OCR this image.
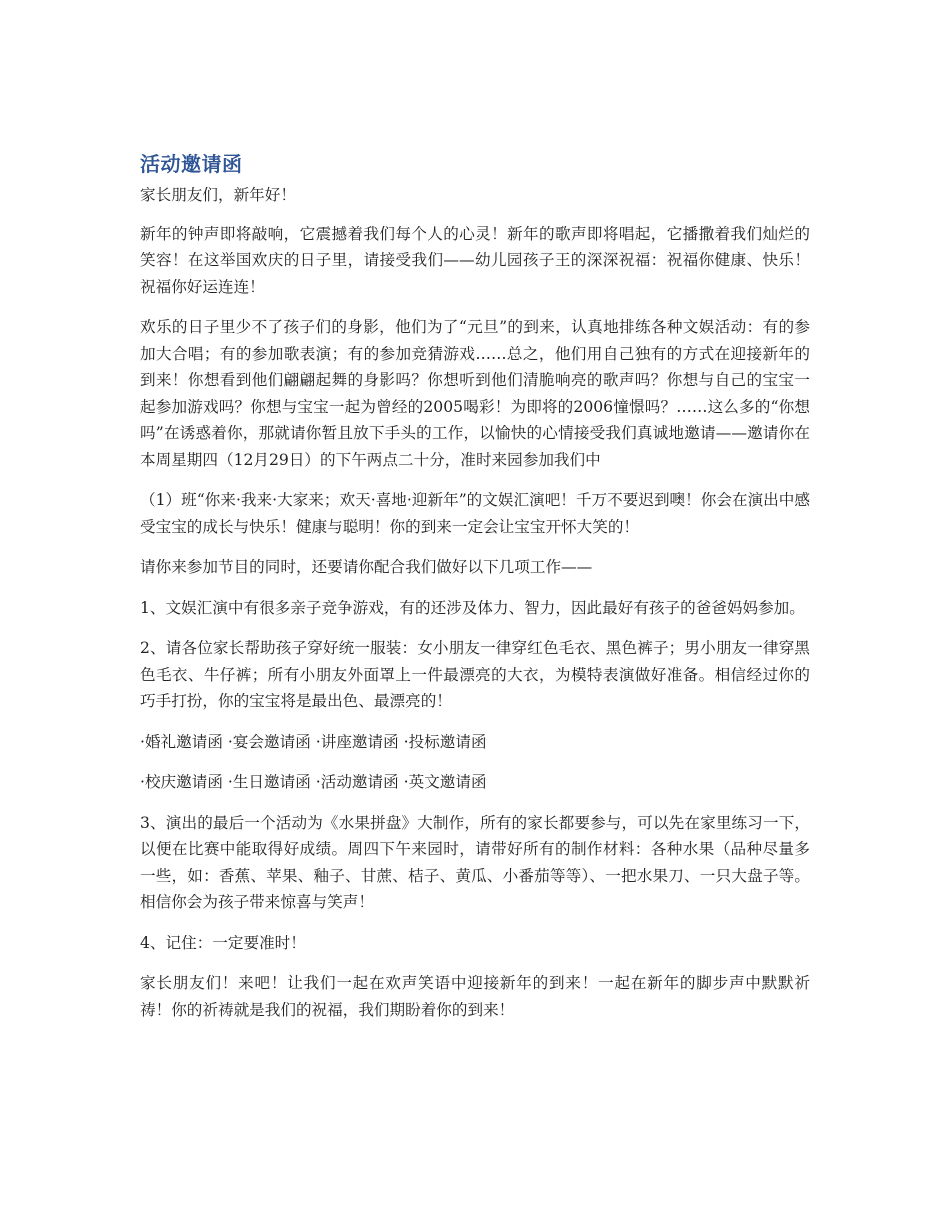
活动邀请函

家长朋友们，新年好！

新年的钟声即将敲响，它震撼着我们每个人的心灵！新年的歌声即将唱起，它播撒着我们灿烂的笑容！在这举国欢庆的日子里，请接受我们——幼儿园孩子王的深深祝福：祝福你健康、快乐！祝福你好运连连！

欢乐的日子里少不了孩子们的身影，他们为了“元旦”的到来，认真地排练各种文娱活动：有的参加大合唱；有的参加歌表演；有的参加竞猜游戏……总之，他们用自己独有的方式在迎接新年的到来！你想看到他们翩翩起舞的身影吗？你想听到他们清脆响亮的歌声吗？你想与自己的宝宝一起参加游戏吗？你想与宝宝一起为曾经的2005喝彩！为即将的2006憧憬吗？……这么多的“你想吗”在诱惑着你，那就请你暂且放下手头的工作，以愉快的心情接受我们真诚地邀请——邀请你在本周星期四（12月29日）的下午两点二十分，准时来园参加我们中

（1）班“你来·我来·大家来；欢天·喜地·迎新年”的文娱汇演吧！千万不要迟到噢！你会在演出中感受宝宝的成长与快乐！健康与聪明！你的到来一定会让宝宝开怀大笑的！

请你来参加节目的同时，还要请你配合我们做好以下几项工作——

1、文娱汇演中有很多亲子竞争游戏，有的还涉及体力、智力，因此最好有孩子的爸爸妈妈参加。

2、请各位家长帮助孩子穿好统一服装：女小朋友一律穿红色毛衣、黑色裤子；男小朋友一律穿黑色毛衣、牛仔裤；所有小朋友外面罩上一件最漂亮的大衣，为模特表演做好准备。相信经过你的巧手打扮，你的宝宝将是最出色、最漂亮的！

·婚礼邀请函 ·宴会邀请函 ·讲座邀请函 ·投标邀请函

·校庆邀请函 ·生日邀请函 ·活动邀请函 ·英文邀请函

3、演出的最后一个活动为《水果拼盘》大制作，所有的家长都要参与，可以先在家里练习一下，以便在比赛中能取得好成绩。周四下午来园时，请带好所有的制作材料：各种水果（品种尽量多一些，如：香蕉、苹果、釉子、甘蔗、桔子、黄瓜、小番茄等等）、一把水果刀、一只大盘子等。相信你会为孩子带来惊喜与笑声！

4、记住：一定要准时！

家长朋友们！来吧！让我们一起在欢声笑语中迎接新年的到来！一起在新年的脚步声中默默祈祷！你的祈祷就是我们的祝福，我们期盼着你的到来！
